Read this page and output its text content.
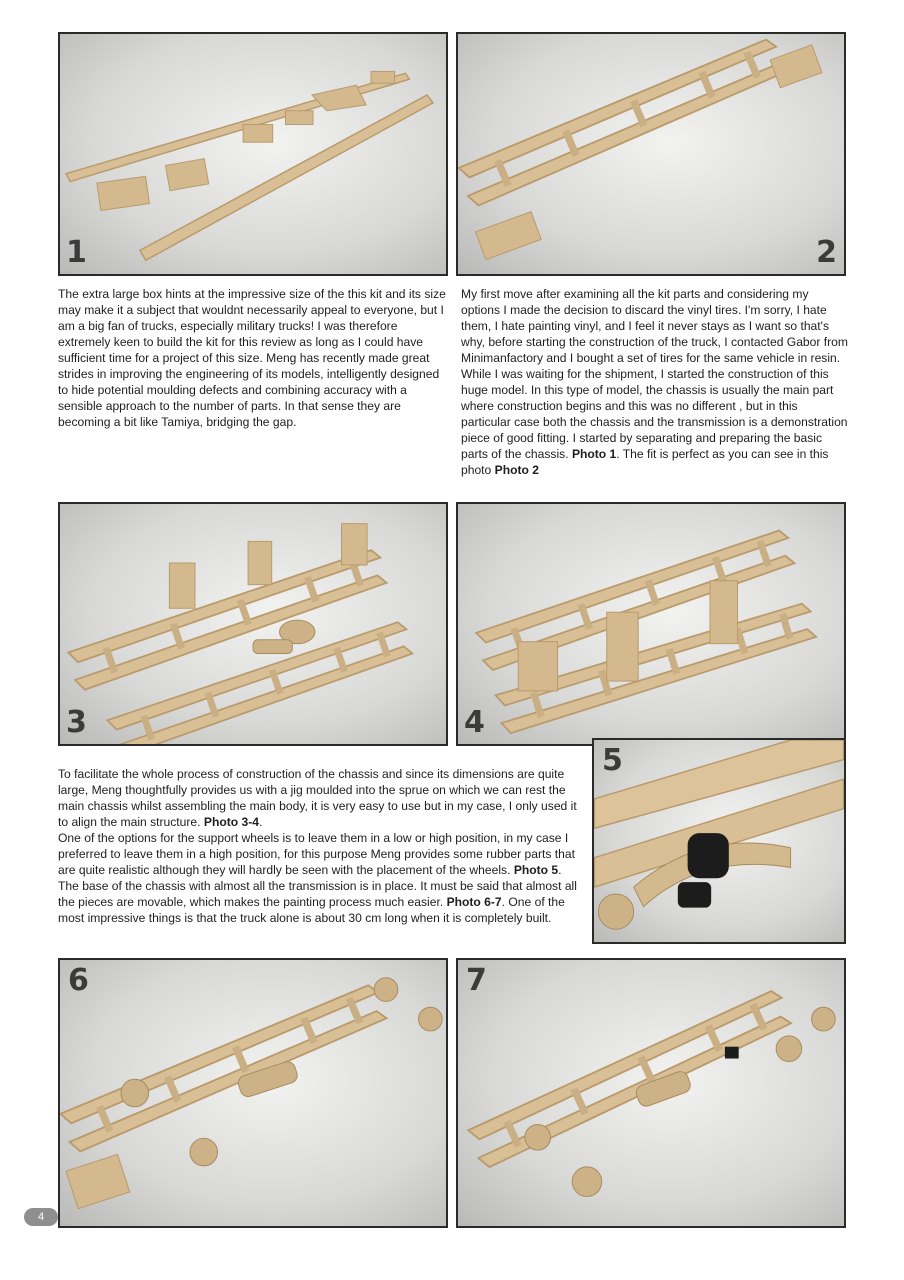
1	2

The extra large box hints at the impressive size of the this kit and its size may make it a subject that wouldnt necessarily appeal to everyone, but I am a big fan of trucks, especially military trucks! I was therefore extremely keen to build the kit for this review as long as I could have sufficient time for a project of this size. Meng has recently made great strides in improving the engineering of its models, intelligently designed to hide potential moulding defects and combining accuracy with a sensible approach to the number of parts. In that sense they are becoming a bit like Tamiya, bridging the gap.

My first move after examining all the kit parts and considering my options I made the decision to discard the vinyl tires. I'm sorry, I hate them, I hate painting vinyl, and I feel it never stays as I want so that's why, before starting the construction of the truck, I contacted Gabor from Minimanfactory and I bought a set of tires for the same vehicle in resin. While I was waiting for the shipment, I started the construction of this huge model. In this type of model, the chassis is usually the main part where construction begins and this was no different , but in this particular case both the chassis and the transmission is a demonstration piece of good fitting. I started by separating and preparing the basic parts of the chassis. Photo 1. The fit is perfect as you can see in this photo Photo 2

3	4
5

To facilitate the whole process of construction of the chassis and since its dimensions are quite large, Meng thoughtfully provides us with a jig moulded into the sprue on which we can rest the main chassis whilst assembling the main body, it is very easy to use but in my case, I only used it to align the main structure. Photo 3-4.
One of the options for the support wheels is to leave them in a low or high position, in my case I preferred to leave them in a high position, for this purpose Meng provides some rubber parts that are quite realistic although they will hardly be seen with the placement of the wheels. Photo 5. The base of the chassis with almost all the transmission is in place. It must be said that almost all the pieces are movable, which makes the painting process much easier. Photo 6-7. One of the most impressive things is that the truck alone is about 30 cm long when it is completely built.

6	7
4
